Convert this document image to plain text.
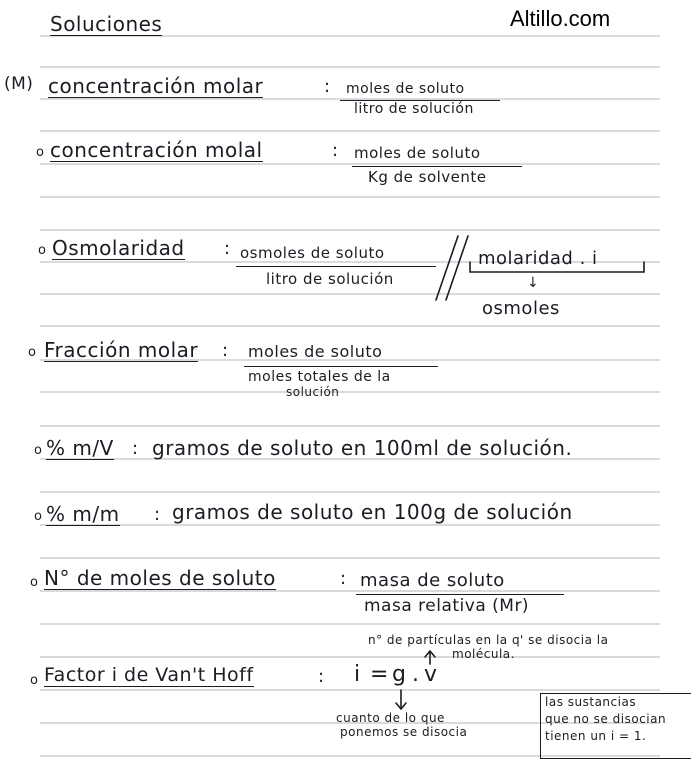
Altillo.com
Soluciones
(M) concentración molar	: moles de soluto
litro de solución
o concentración molal	: moles de soluto
Kg de solvente
o Osmolaridad : osmoles de soluto
litro de solución
molaridad . i
↓
osmoles
o Fracción molar : moles de soluto
moles totales de la
solución
o % m/V : gramos de soluto en 100ml de solución.
o % m/m : gramos de soluto en 100g de solución
o N° de moles de soluto	: masa de soluto
masa relativa (Mr)
n° de partículas en la q' se disocia la
molécula.
o Factor i de Van't Hoff	: i = g . v
cuanto de lo que
ponemos se disocia
las sustancias
que no se disocian
tienen un i = 1.
